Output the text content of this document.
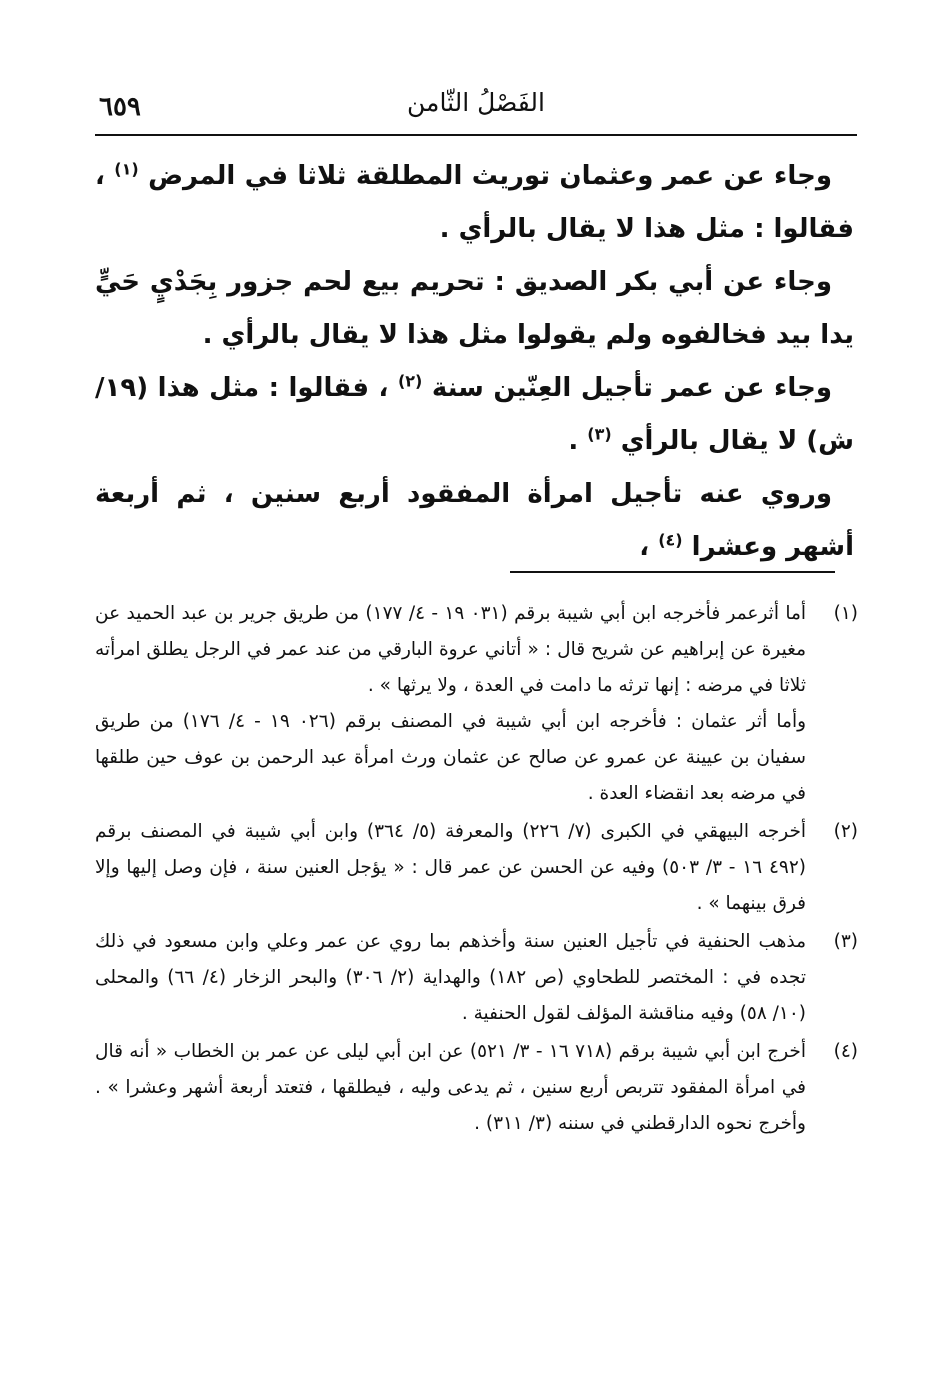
الفَصْلُ الثّامن
٦٥٩

وجاء عن عمر وعثمان توريث المطلقة ثلاثا في المرض $^{(١)}$ ، فقالوا : مثل هذا لا يقال بالرأي .

وجاء عن أبي بكر الصديق : تحريم بيع لحم جزور بِجَدْيٍ حَيٍّ يدا بيد فخالفوه ولم يقولوا مثل هذا لا يقال بالرأي .

وجاء عن عمر تأجيل العِنّين سنة $^{(٢)}$ ، فقالوا : مثل هذا (١٩/ ش) لا يقال بالرأي $^{(٣)}$ .

وروي عنه تأجيل امرأة المفقود أربع سنين ، ثم أربعة أشهر وعشرا $^{(٤)}$ ،

(١)

أما أثرعمر فأخرجه ابن أبي شيبة برقم (٠٣١ ١٩ - ٤/ ١٧٧) من طريق جرير بن عبد الحميد عن مغيرة عن إبراهيم عن شريح قال : « أتاني عروة البارقي من عند عمر في الرجل يطلق امرأته ثلاثا في مرضه : إنها ترثه ما دامت في العدة ، ولا يرثها » .

وأما أثر عثمان : فأخرجه ابن أبي شيبة في المصنف برقم (٠٢٦ ١٩ - ٤/ ١٧٦) من طريق سفيان بن عيينة عن عمرو عن صالح عن عثمان ورث امرأة عبد الرحمن بن عوف حين طلقها في مرضه بعد انقضاء العدة .

(٢)

أخرجه البيهقي في الكبرى (٧/ ٢٢٦) والمعرفة (٥/ ٣٦٤) وابن أبي شيبة في المصنف برقم (٤٩٢ ١٦ - ٣/ ٥٠٣) وفيه عن الحسن عن عمر قال : « يؤجل العنين سنة ، فإن وصل إليها وإلا فرق بينهما » .

(٣)

مذهب الحنفية في تأجيل العنين سنة وأخذهم بما روي عن عمر وعلي وابن مسعود في ذلك تجده في : المختصر للطحاوي (ص ١٨٢) والهداية (٢/ ٣٠٦) والبحر الزخار (٤/ ٦٦) والمحلى (١٠/ ٥٨) وفيه مناقشة المؤلف لقول الحنفية .

(٤)

أخرج ابن أبي شيبة برقم (٧١٨ ١٦ - ٣/ ٥٢١) عن ابن أبي ليلى عن عمر بن الخطاب « أنه قال في امرأة المفقود تتربص أربع سنين ، ثم يدعى وليه ، فيطلقها ، فتعتد أربعة أشهر وعشرا » . وأخرج نحوه الدارقطني في سننه (٣/ ٣١١) .
